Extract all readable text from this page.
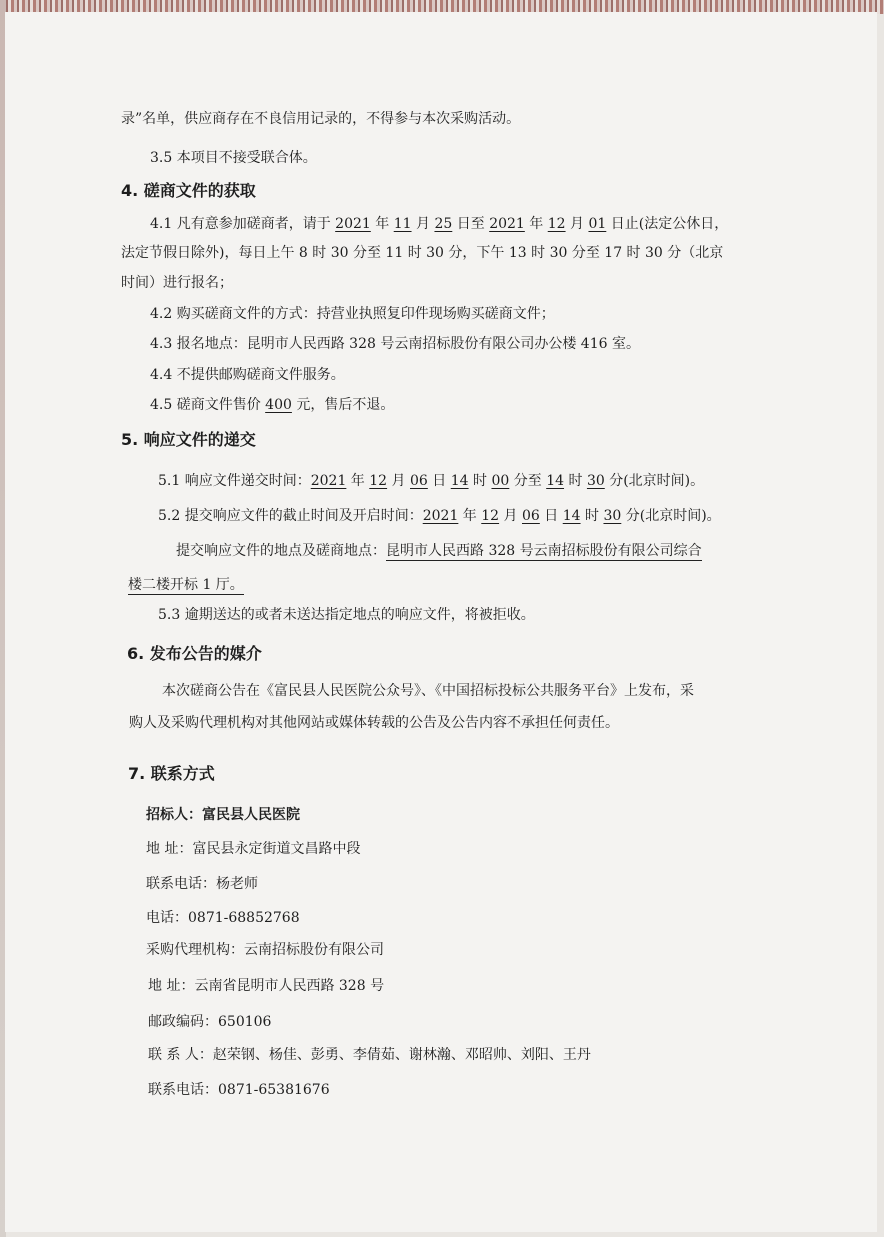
录”名单，供应商存在不良信用记录的，不得参与本次采购活动。
3.5 本项目不接受联合体。
4. 磋商文件的获取
4.1 凡有意参加磋商者，请于 2021 年 11 月 25 日至 2021 年 12 月 01 日止(法定公休日，
法定节假日除外)，每日上午 8 时 30 分至 11 时 30 分，下午 13 时 30 分至 17 时 30 分（北京
时间）进行报名；
4.2 购买磋商文件的方式：持营业执照复印件现场购买磋商文件；
4.3 报名地点：昆明市人民西路 328 号云南招标股份有限公司办公楼 416 室。
4.4 不提供邮购磋商文件服务。
4.5 磋商文件售价 400 元，售后不退。
5. 响应文件的递交
5.1 响应文件递交时间：2021 年 12 月 06 日 14 时 00 分至 14 时 30 分(北京时间)。
5.2 提交响应文件的截止时间及开启时间：2021 年 12 月 06 日 14 时 30 分(北京时间)。
提交响应文件的地点及磋商地点：昆明市人民西路 328 号云南招标股份有限公司综合
楼二楼开标 1 厅。
5.3 逾期送达的或者未送达指定地点的响应文件，将被拒收。
6. 发布公告的媒介
本次磋商公告在《富民县人民医院公众号》、《中国招标投标公共服务平台》上发布，采
购人及采购代理机构对其他网站或媒体转载的公告及公告内容不承担任何责任。
7. 联系方式
招标人：富民县人民医院
地 址：富民县永定街道文昌路中段
联系电话：杨老师
电话：0871-68852768
采购代理机构：云南招标股份有限公司
地 址：云南省昆明市人民西路 328 号
邮政编码：650106
联 系 人：赵荣钢、杨佳、彭勇、李倩茹、谢林瀚、邓昭帅、刘阳、王丹
联系电话：0871-65381676
